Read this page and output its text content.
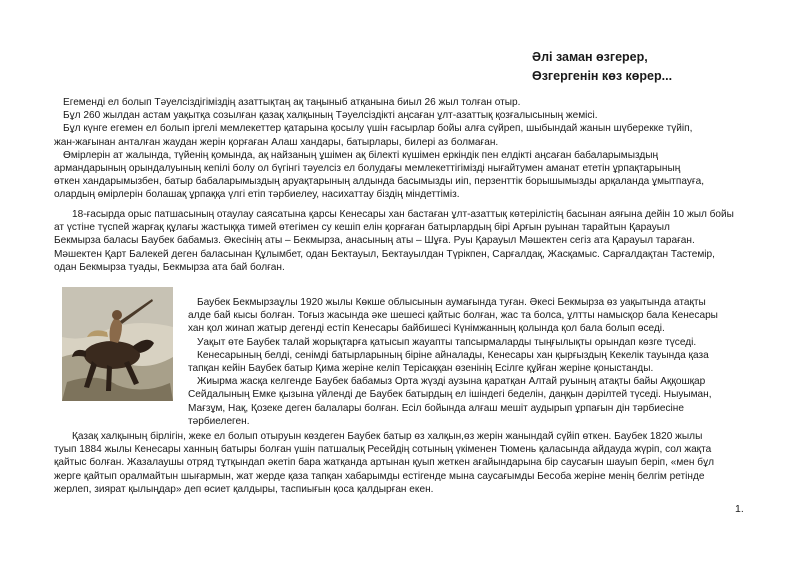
Әлі заман өзгерер,
Өзгергенін көз көрер...

Егеменді ел болып Тәуелсіздігіміздің азаттықтаң ақ таңыныб атқанына биыл 26 жыл толған отыр.
Бұл 260 жылдан астам уақытқа созылған қазақ халқының Тәуелсіздікті аңсаған ұлт-азаттық қозғалысының жемісі.
Бұл күнге егемен ел болып іргелі мемлекеттер қатарына қосылу үшін ғасырлар бойы алға сүйреп, шыбындай жанын шүберекке түйіп,
жан-жағынан анталған жаудан жерін қорғаған Алаш хандары, батырлары, билері аз болмаған.
Өмірлерін ат жалында, түйенің қомында, ақ найзаның ұшімен ақ білекті күшімен еркіндік пен елдікті аңсаған бабаларымыздың
армандарының орындалуының кепілі болу ол бүгінгі тәуелсіз ел болудағы мемлекеттігімізді нығайтумен аманат ететін ұрпақтарының
өткен хандарымызбен, батыр бабаларымыздың аруақтарының алдында басымызды иіп, перзенттік борышымызды арқаланда ұмытпауға,
олардың өмірлерін болашақ ұрпаққа үлгі етіп тәрбиелеу, насихаттау біздің міндеттіміз.

18-ғасырда орыс патшасының отаулау саясатына қарсы Кенесары хан бастаған ұлт-азаттық көтерілістің басынан аяғына дейін 10 жыл бойы
ат үстіне түспей жарғақ құлағы жастыққа тимей өтегімен су кешіп елін қорғаған батырлардың бірі Арғын руынан тарайтын Қарауыл
Бекмырза баласы Баубек бабамыз. Әкесінің аты – Бекмырза, анасының аты – Шұға. Руы Қарауыл Мәшектен сегіз ата Қарауыл тараған.
Мәшектен Қарт Балекей деген баласынан Құлымбет, одан Бектауыл, Бектауылдан Түрікпен, Сарғалдақ, Жасқамыс. Сарғалдақтан Тастемір,
одан Бекмырза туады, Бекмырза ата бай болған.

Баубек Бекмырзаұлы 1920 жылы Көкше облысынын аумағында туған. Әкесі Бекмырза өз уақытында атақты
алде бай кысы болған. Тоғыз жасында әке шешесі қайтыс болған, жас та болса, ұлтты намысқор бала Кенесары
хан қол жинап жатыр дегенді естіп Кенесары байбишесі Күнімжанның қолында қол бала болып өседі.
Уақыт өте Баубек талай жорықтарға қатысып жауапты тапсырмаларды тыңғылықты орындап көзге түседі.
Кенесарының белді, сенімді батырларының біріне айналады, Кенесары хан қырғыздың Кекелік тауында қаза
тапқан кейін Баубек батыр Қима жеріне келіп Терісаққан өзенінің Есілге құйған жеріне қоныстанды.
Жиырма жасқа келгенде Баубек бабамыз Орта жүзді аузына қаратқан Алтай руының атақты байы Аққошқар
Сейдалының Емке қызына үйленді де Баубек батырдың ел ішіндегі беделін, даңқын дәрілтей түседі. Ныуыман,
Мағзұм, Нақ, Қозеке деген балалары болған. Есіл бойында алғаш мешіт аудырып ұрпағын дін тәрбиесіне
тәрбиелеген.

Қазақ халқының бірлігін, жеке ел болып отыруын көздеген Баубек батыр өз халқын,өз жерін жанындай сүйіп өткен. Баубек 1820 жылы
туып 1884 жылы Кенесары ханның батыры болған үшін патшалық Ресейдің сотының үкіменен Тюмень қаласындa айдауда жүріп, сол жақта
қайтыс болған. Жазалаушы отряд тұтқындап әкетіп бара жатқанда артынан қуып жеткен ағайындарына бір саусағын шауып беріп, «мен бұл
жерге қайтып оралмайтын шығармын, жат жерде қаза тапқан хабарымды естігенде мына саусағымды Бесоба жеріне менің белгім ретінде
жерлеп, зиярат қылыңдар» деп өсиет қалдыры, таспиығын қоса қалдырған екен.

1.
